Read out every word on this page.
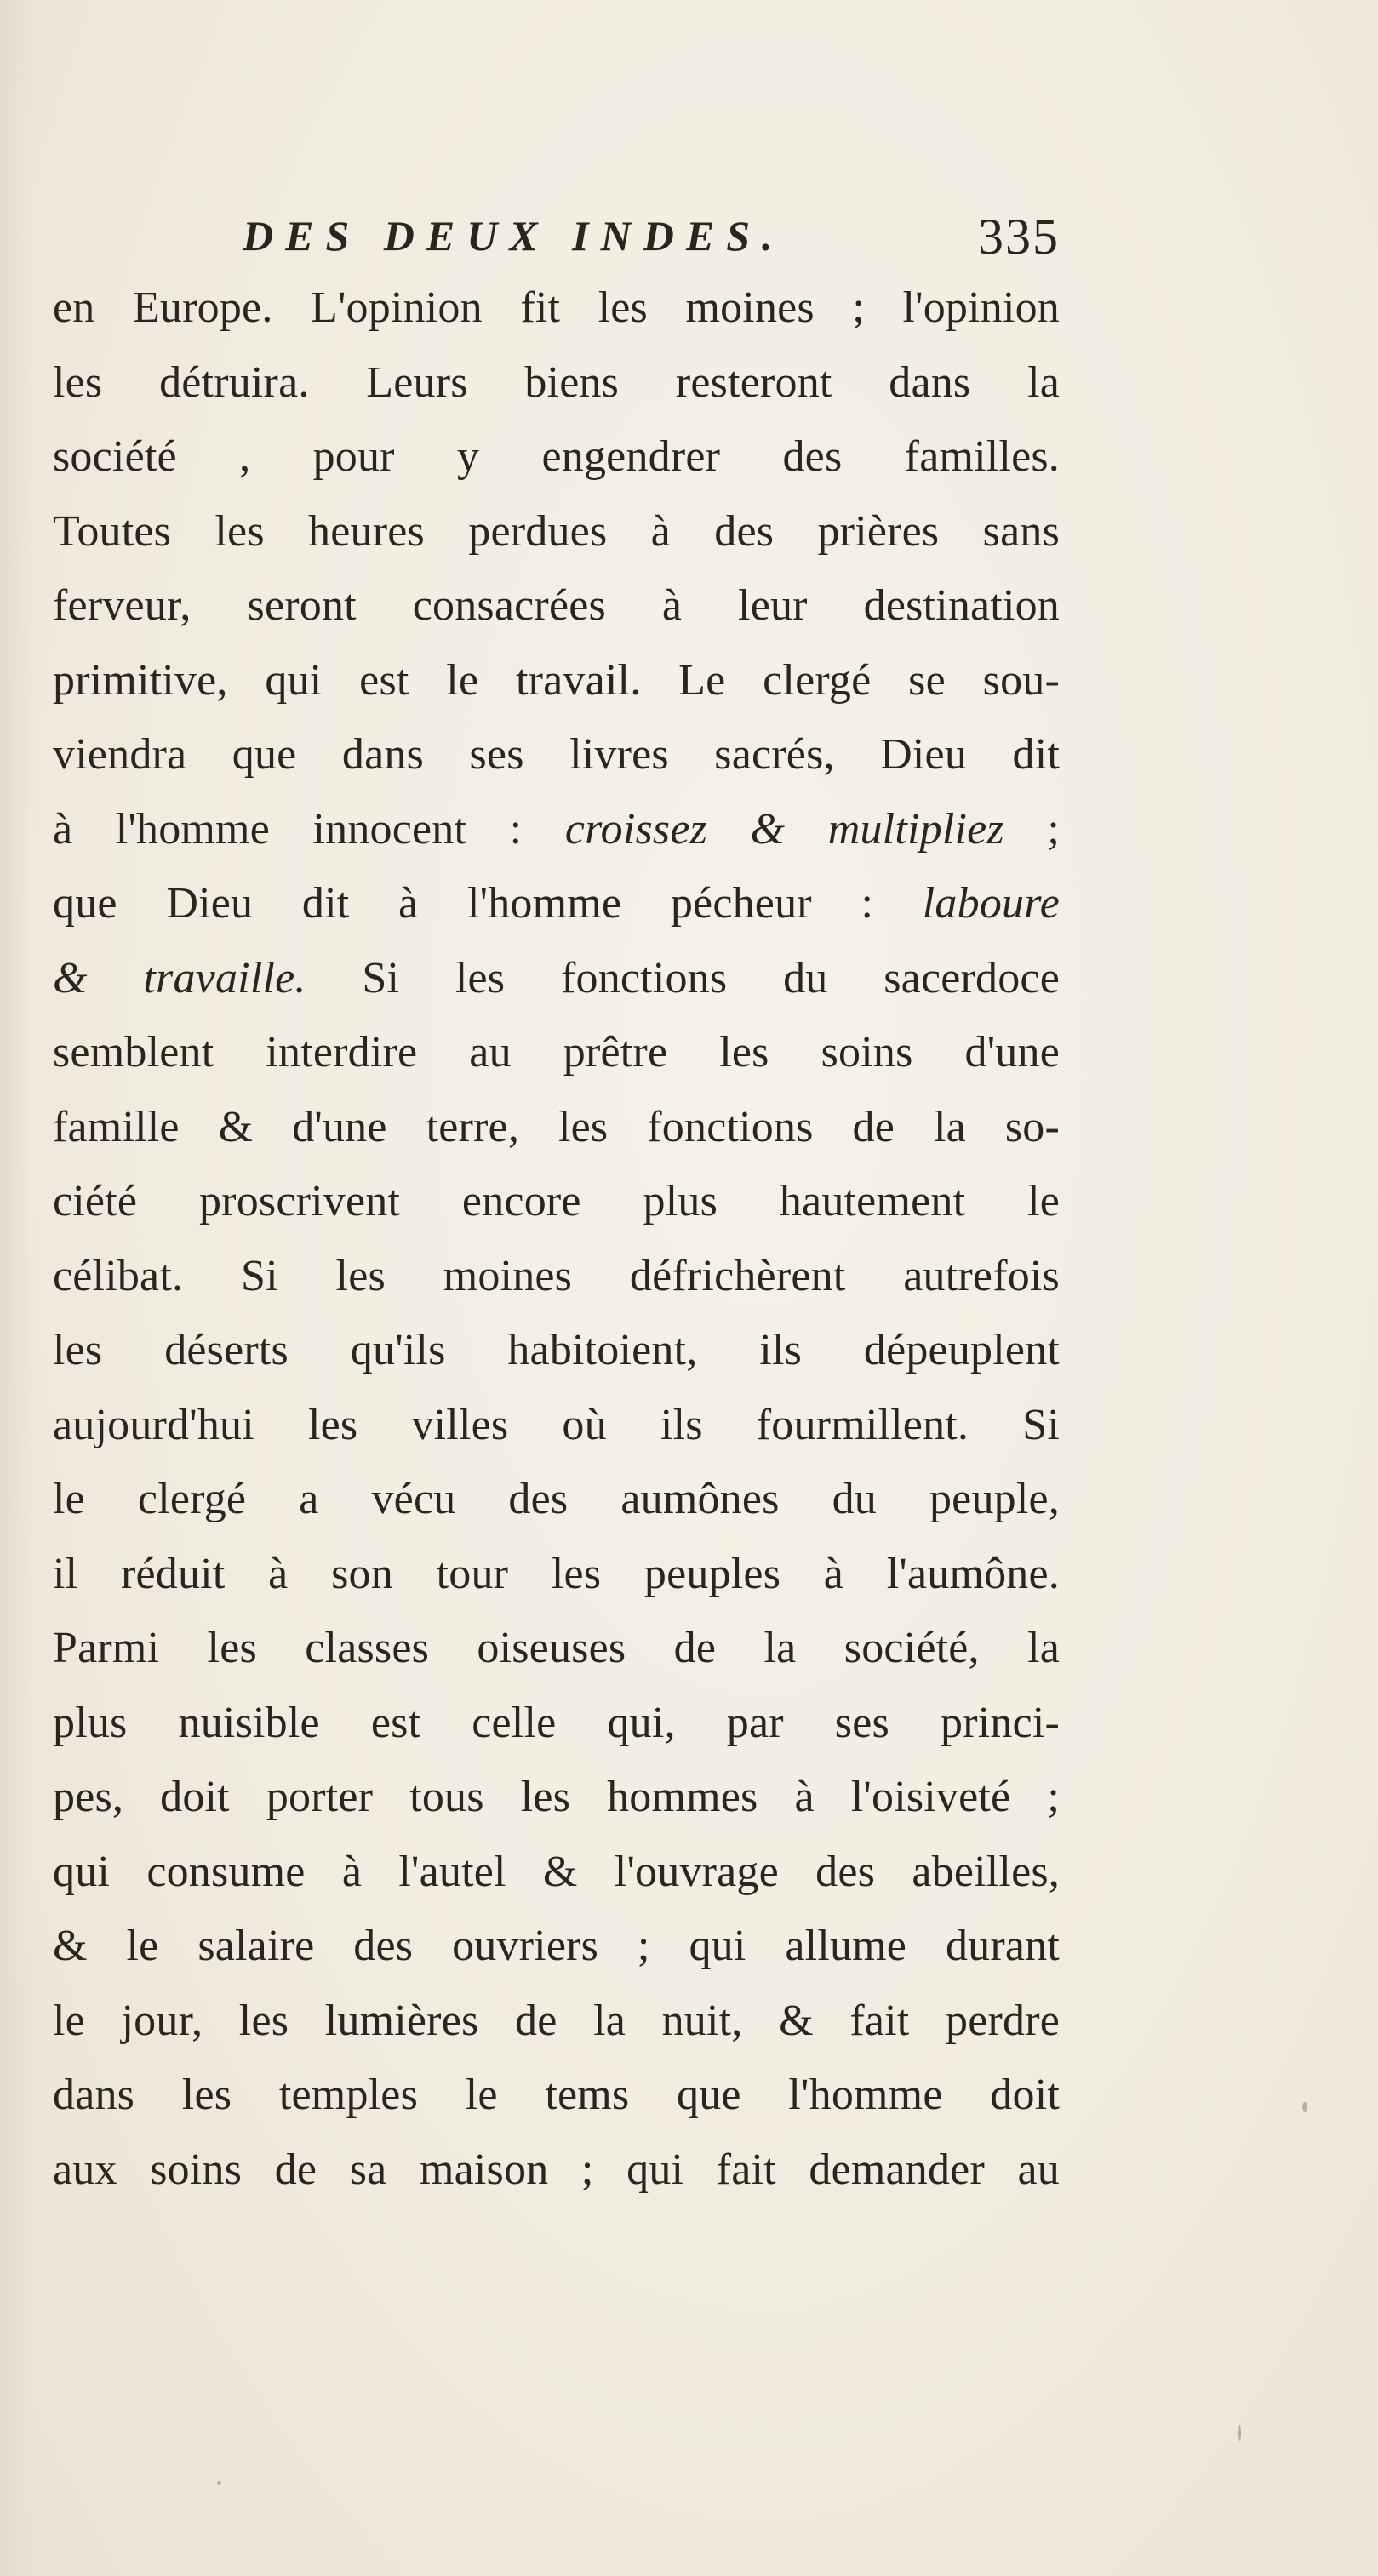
DES DEUX INDES.	335
en Europe. L'opinion fit les moines ; l'opinion
les détruira. Leurs biens resteront dans la
société , pour y engendrer des familles.
Toutes les heures perdues à des prières sans
ferveur, seront consacrées à leur destination
primitive, qui est le travail. Le clergé se sou-
viendra que dans ses livres sacrés, Dieu dit
à l'homme innocent : croissez & multipliez ;
que Dieu dit à l'homme pécheur : laboure
& travaille. Si les fonctions du sacerdoce
semblent interdire au prêtre les soins d'une
famille & d'une terre, les fonctions de la so-
ciété proscrivent encore plus hautement le
célibat. Si les moines défrichèrent autrefois
les déserts qu'ils habitoient, ils dépeuplent
aujourd'hui les villes où ils fourmillent. Si
le clergé a vécu des aumônes du peuple,
il réduit à son tour les peuples à l'aumône.
Parmi les classes oiseuses de la société, la
plus nuisible est celle qui, par ses princi-
pes, doit porter tous les hommes à l'oisiveté ;
qui consume à l'autel & l'ouvrage des abeilles,
& le salaire des ouvriers ; qui allume durant
le jour, les lumières de la nuit, & fait perdre
dans les temples le tems que l'homme doit
aux soins de sa maison ; qui fait demander au
